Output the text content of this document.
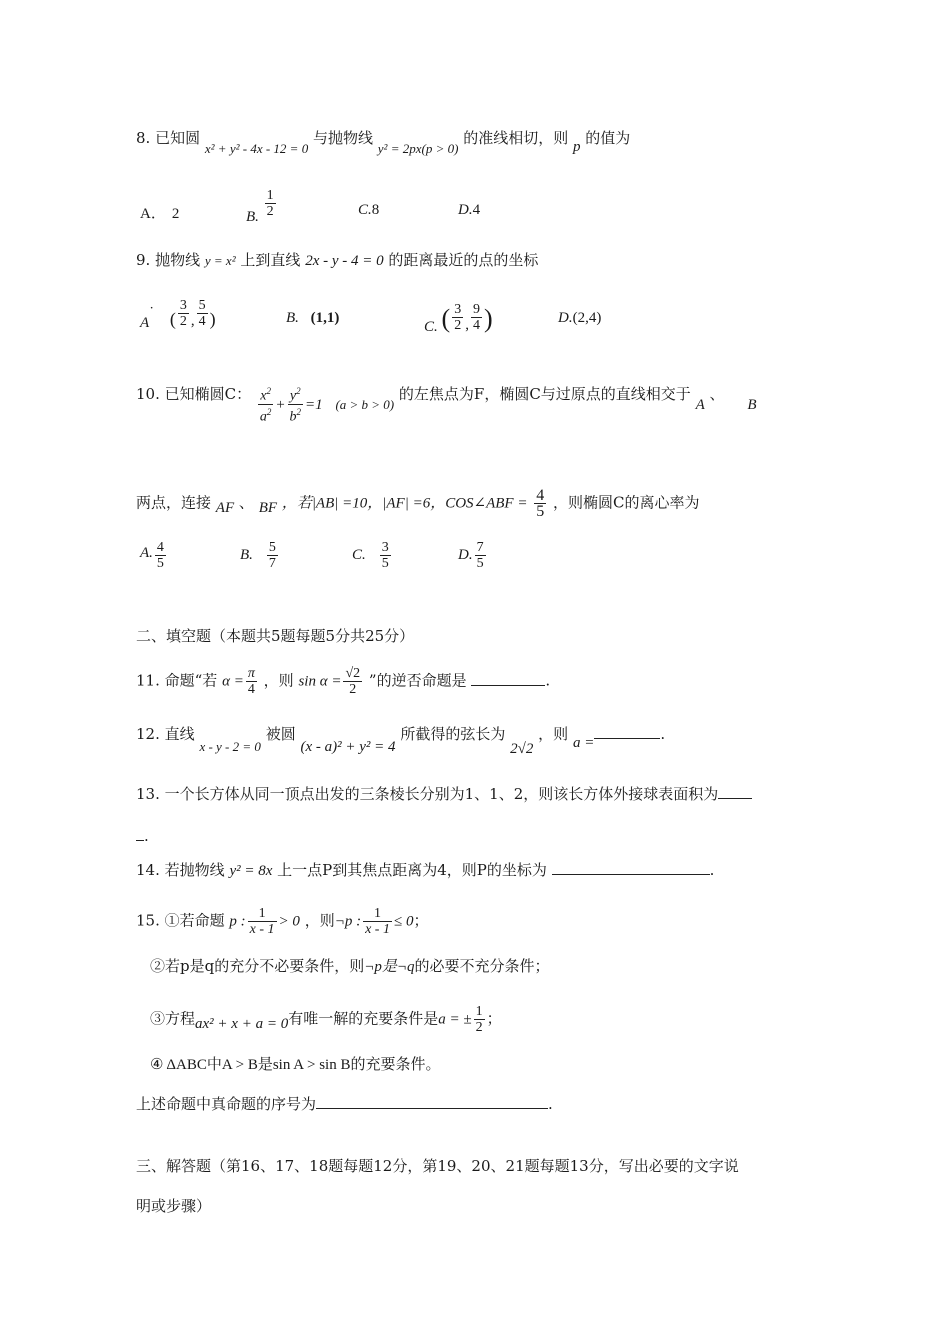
8. 已知圆 x² + y² - 4x - 12 = 0 与抛物线 y² = 2px(p > 0) 的准线相切，则 p 的值为
A． 2	B. $\frac{1}{2}$	C.8	D.4
9. 抛物线 y = x² 上到直线 2x - y - 4 = 0 的距离最近的点的坐标
A˙ ( $\frac{3}{2}$ , $\frac{5}{4}$ )	B. (1,1)
C. ( $\frac{3}{2}$ , $\frac{9}{4}$ )	D.(2,4)
10. 已知椭圆C： $\frac{x^2}{a^2} + \frac{y^2}{b^2} =1$ (a > b > 0) 的左焦点为F，椭圆C与过原点的直线相交于 A 、 B
两点，连接 AF 、 BF ，若|AB| =10，|AF| =6，COS∠ABF = $\frac{4}{5}$ ，则椭圆C的离心率为
A. $\frac{4}{5}$	B. $\frac{5}{7}$	C. $\frac{3}{5}$	D. $\frac{7}{5}$
二、填空题（本题共5题每题5分共25分）
11. 命题“若 $\alpha = \frac{\pi}{4}$ ，则 $\sin \alpha = \frac{√2}{2}$ ”的逆否命题是	.
12. 直线 x - y - 2 = 0 被圆 (x - a)² + y² = 4 所截得的弦长为 2√2 ，则 a =	.
13. 一个长方体从同一顶点出发的三条棱长分别为1、1、2，则该长方体外接球表面积为
.
14. 若抛物线 y² = 8x 上一点P到其焦点距离为4，则P的坐标为	.
15. ①若命题 p : $\frac{1}{x - 1} > 0$ ，则¬p : $\frac{1}{x - 1} \le 0$；
②若p是q的充分不必要条件，则¬p是¬q的必要不充分条件；
③方程ax² + x + a = 0有唯一解的充要条件是a = ± $\frac{1}{2}$ ；
④ ΔABC中A > B是sin A > sin B的充要条件。
上述命题中真命题的序号为	.
三、解答题（第16、17、18题每题12分，第19、20、21题每题13分，写出必要的文字说
明或步骤）
